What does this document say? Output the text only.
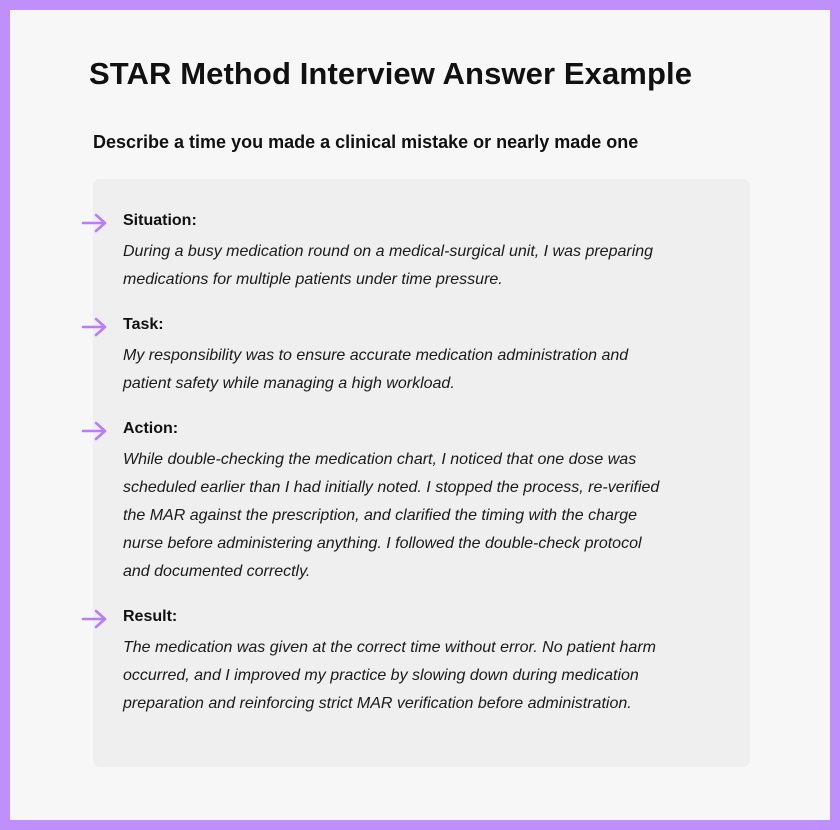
STAR Method Interview Answer Example
Describe a time you made a clinical mistake or nearly made one
Situation:

During a busy medication round on a medical-surgical unit, I was preparing
medications for multiple patients under time pressure.

Task:

My responsibility was to ensure accurate medication administration and
patient safety while managing a high workload.

Action:

While double-checking the medication chart, I noticed that one dose was
scheduled earlier than I had initially noted. I stopped the process, re-verified
the MAR against the prescription, and clarified the timing with the charge
nurse before administering anything. I followed the double-check protocol
and documented correctly.

Result:

The medication was given at the correct time without error. No patient harm
occurred, and I improved my practice by slowing down during medication
preparation and reinforcing strict MAR verification before administration.
